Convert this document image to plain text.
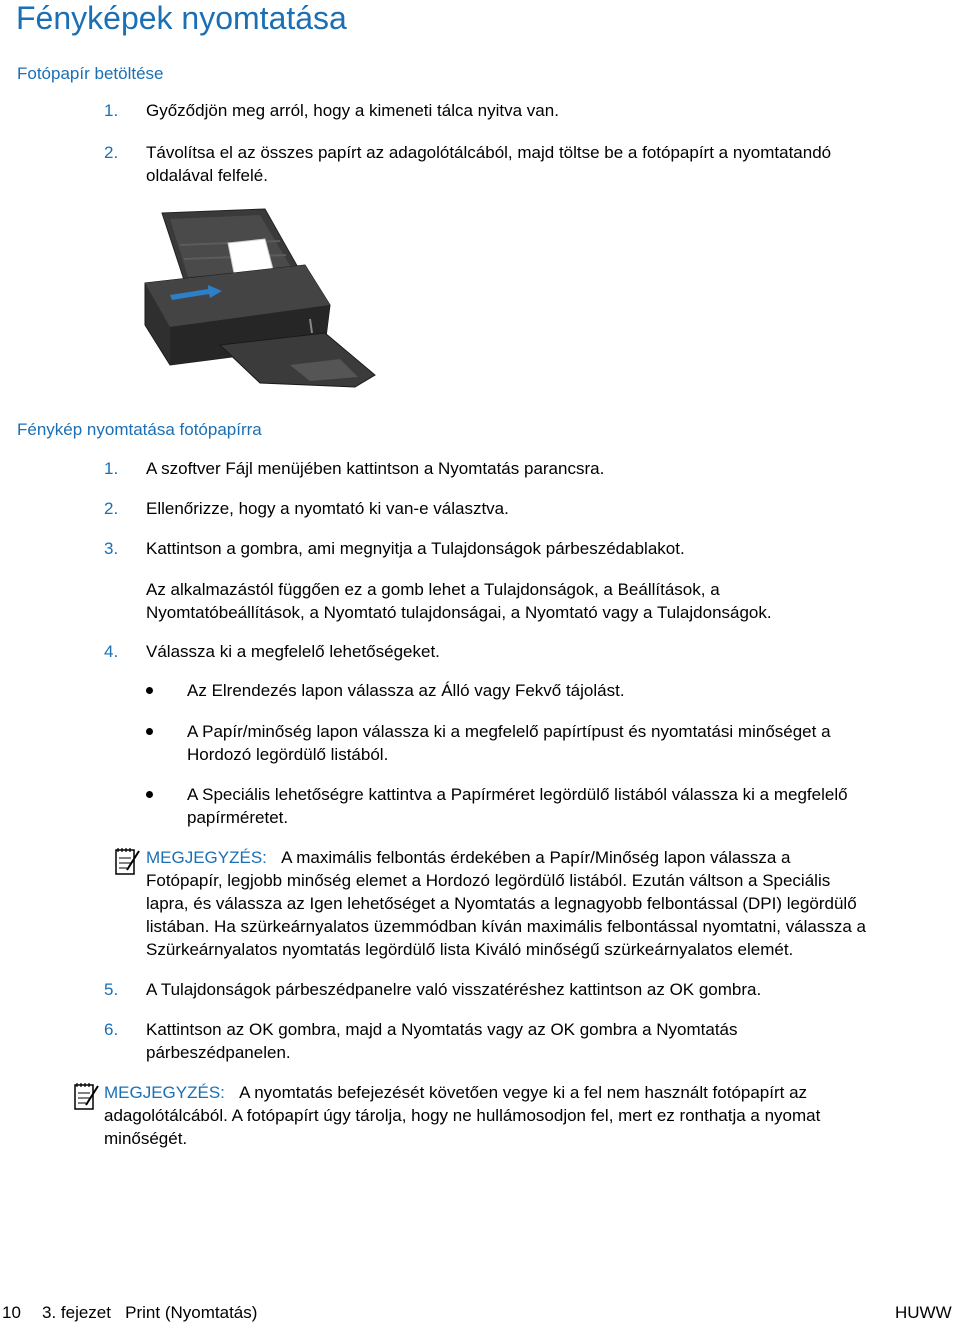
Fényképek nyomtatása
Fotópapír betöltése
1. Győződjön meg arról, hogy a kimeneti tálca nyitva van.
2. Távolítsa el az összes papírt az adagolótálcából, majd töltse be a fotópapírt a nyomtatandó
oldalával felfelé.
Fénykép nyomtatása fotópapírra
1. A szoftver Fájl menüjében kattintson a Nyomtatás parancsra.
2. Ellenőrizze, hogy a nyomtató ki van-e választva.
3. Kattintson a gombra, ami megnyitja a Tulajdonságok párbeszédablakot.
Az alkalmazástól függően ez a gomb lehet a Tulajdonságok, a Beállítások, a
Nyomtatóbeállítások, a Nyomtató tulajdonságai, a Nyomtató vagy a Tulajdonságok.
4. Válassza ki a megfelelő lehetőségeket.
Az Elrendezés lapon válassza az Álló vagy Fekvő tájolást.
A Papír/minőség lapon válassza ki a megfelelő papírtípust és nyomtatási minőséget a
Hordozó legördülő listából.
A Speciális lehetőségre kattintva a Papírméret legördülő listából válassza ki a megfelelő
papírméretet.
MEGJEGYZÉS: A maximális felbontás érdekében a Papír/Minőség lapon válassza a
Fotópapír, legjobb minőség elemet a Hordozó legördülő listából. Ezután váltson a Speciális
lapra, és válassza az Igen lehetőséget a Nyomtatás a legnagyobb felbontással (DPI) legördülő
listában. Ha szürkeárnyalatos üzemmódban kíván maximális felbontással nyomtatni, válassza a
Szürkeárnyalatos nyomtatás legördülő lista Kiváló minőségű szürkeárnyalatos elemét.
5. A Tulajdonságok párbeszédpanelre való visszatéréshez kattintson az OK gombra.
6. Kattintson az OK gombra, majd a Nyomtatás vagy az OK gombra a Nyomtatás
párbeszédpanelen.
MEGJEGYZÉS: A nyomtatás befejezését követően vegye ki a fel nem használt fotópapírt az
adagolótálcából. A fotópapírt úgy tárolja, hogy ne hullámosodjon fel, mert ez ronthatja a nyomat
minőségét.
10 3. fejezet   Print (Nyomtatás)	HUWW
